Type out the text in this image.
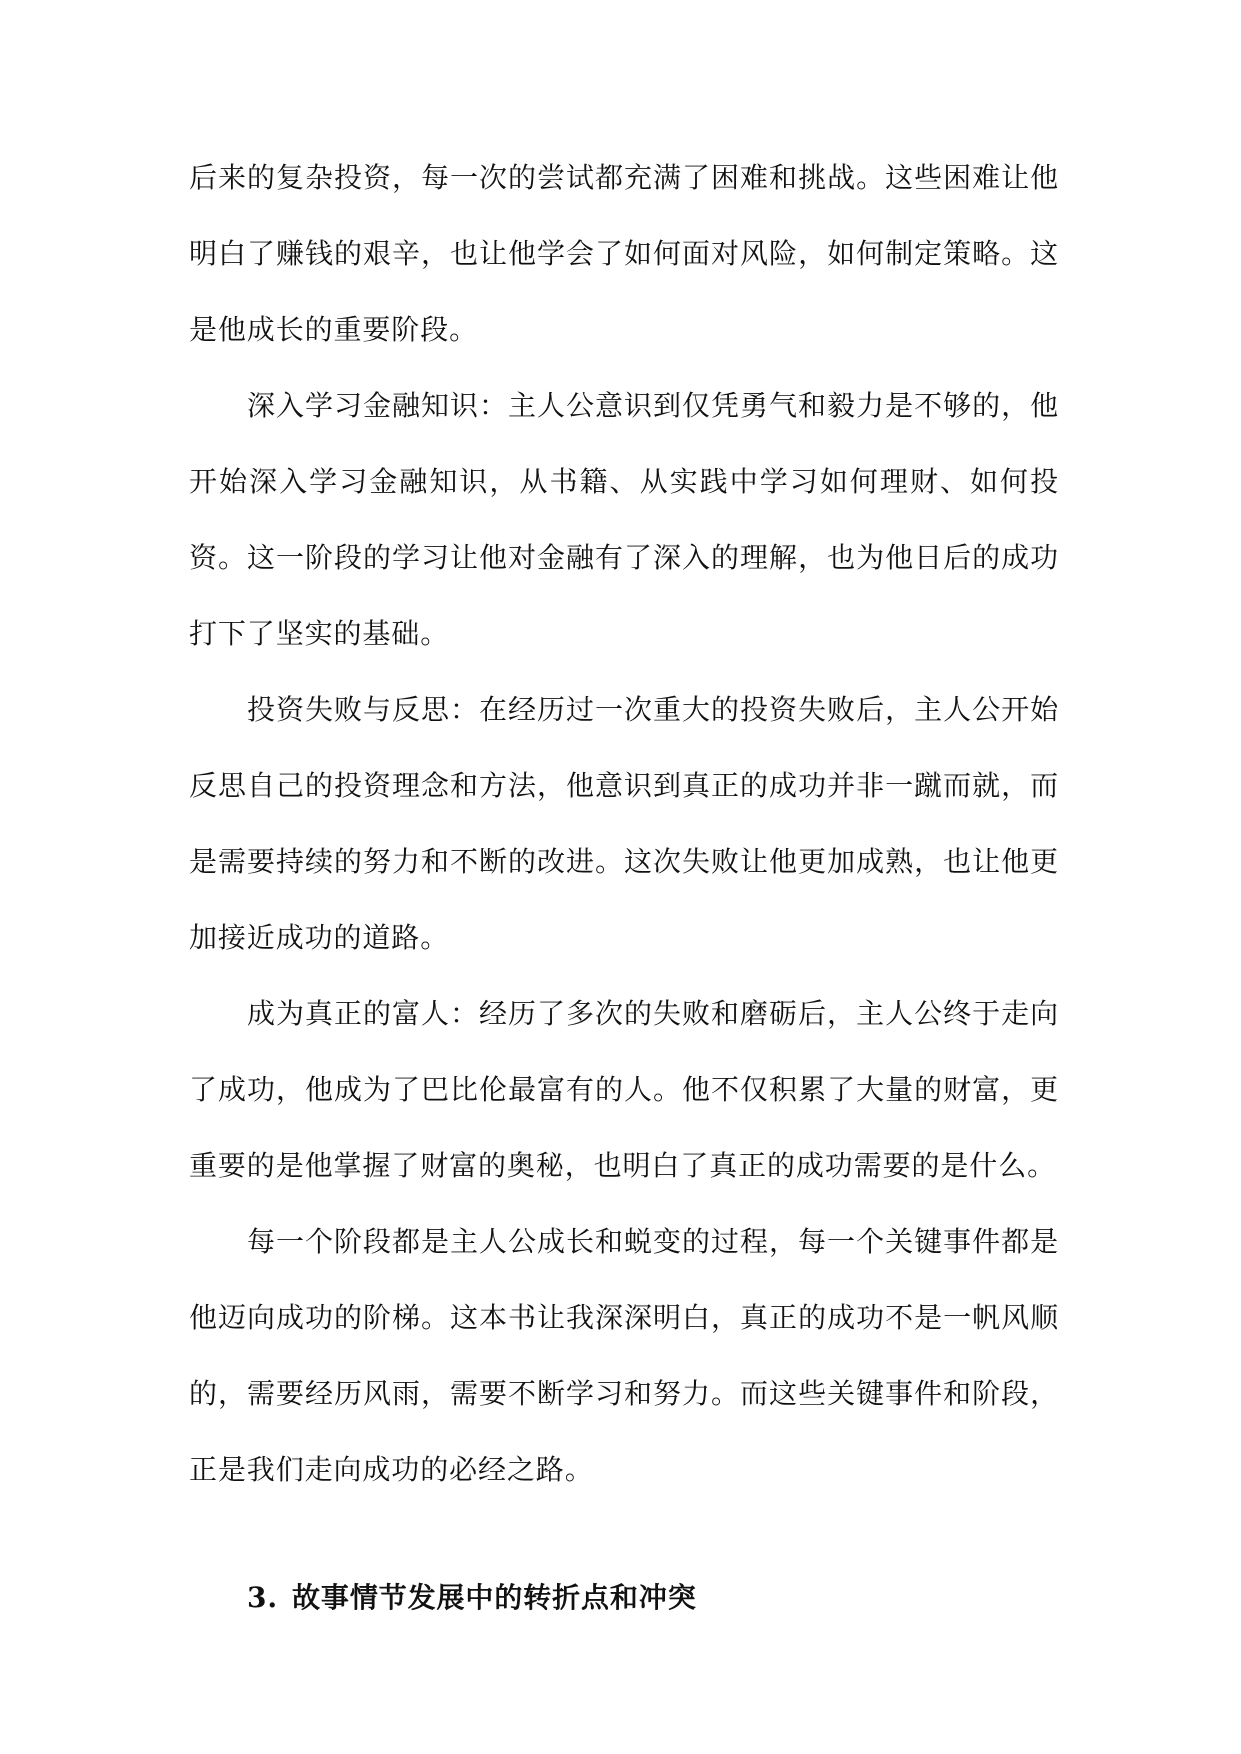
后来的复杂投资，每一次的尝试都充满了困难和挑战。这些困难让他明白了赚钱的艰辛，也让他学会了如何面对风险，如何制定策略。这是他成长的重要阶段。

深入学习金融知识：主人公意识到仅凭勇气和毅力是不够的，他开始深入学习金融知识，从书籍、从实践中学习如何理财、如何投资。这一阶段的学习让他对金融有了深入的理解，也为他日后的成功打下了坚实的基础。

投资失败与反思：在经历过一次重大的投资失败后，主人公开始反思自己的投资理念和方法，他意识到真正的成功并非一蹴而就，而是需要持续的努力和不断的改进。这次失败让他更加成熟，也让他更加接近成功的道路。

成为真正的富人：经历了多次的失败和磨砺后，主人公终于走向了成功，他成为了巴比伦最富有的人。他不仅积累了大量的财富，更重要的是他掌握了财富的奥秘，也明白了真正的成功需要的是什么。

每一个阶段都是主人公成长和蜕变的过程，每一个关键事件都是他迈向成功的阶梯。这本书让我深深明白，真正的成功不是一帆风顺的，需要经历风雨，需要不断学习和努力。而这些关键事件和阶段，正是我们走向成功的必经之路。

3. 故事情节发展中的转折点和冲突
